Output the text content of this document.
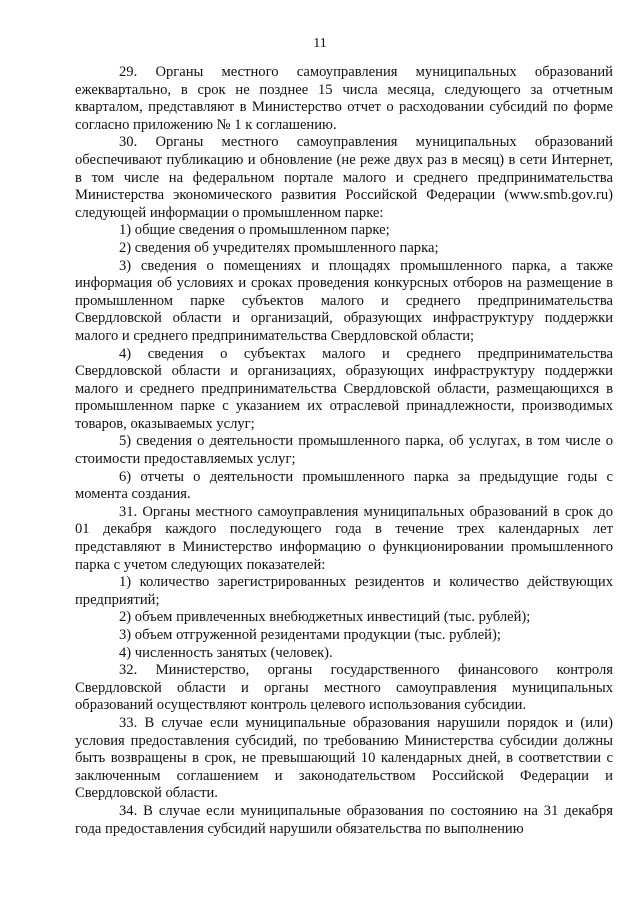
11

29. Органы местного самоуправления муниципальных образований ежеквартально, в срок не позднее 15 числа месяца, следующего за отчетным кварталом, представляют в Министерство отчет о расходовании субсидий по форме согласно приложению № 1 к соглашению.

30. Органы местного самоуправления муниципальных образований обеспечивают публикацию и обновление (не реже двух раз в месяц) в сети Интернет, в том числе на федеральном портале малого и среднего предпринимательства Министерства экономического развития Российской Федерации (www.smb.gov.ru) следующей информации о промышленном парке:

1) общие сведения о промышленном парке;

2) сведения об учредителях промышленного парка;

3) сведения о помещениях и площадях промышленного парка, а также информация об условиях и сроках проведения конкурсных отборов на размещение в промышленном парке субъектов малого и среднего предпринимательства Свердловской области и организаций, образующих инфраструктуру поддержки малого и среднего предпринимательства Свердловской области;

4) сведения о субъектах малого и среднего предпринимательства Свердловской области и организациях, образующих инфраструктуру поддержки малого и среднего предпринимательства Свердловской области, размещающихся в промышленном парке с указанием их отраслевой принадлежности, производимых товаров, оказываемых услуг;

5) сведения о деятельности промышленного парка, об услугах, в том числе о стоимости предоставляемых услуг;

6) отчеты о деятельности промышленного парка за предыдущие годы с момента создания.

31. Органы местного самоуправления муниципальных образований в срок до 01 декабря каждого последующего года в течение трех календарных лет представляют в Министерство информацию о функционировании промышленного парка с учетом следующих показателей:

1) количество зарегистрированных резидентов и количество действующих предприятий;

2) объем привлеченных внебюджетных инвестиций (тыс. рублей);

3) объем отгруженной резидентами продукции (тыс. рублей);

4) численность занятых (человек).

32. Министерство, органы государственного финансового контроля Свердловской области и органы местного самоуправления муниципальных образований осуществляют контроль целевого использования субсидии.

33. В случае если муниципальные образования нарушили порядок и (или) условия предоставления субсидий, по требованию Министерства субсидии должны быть возвращены в срок, не превышающий 10 календарных дней, в соответствии с заключенным соглашением и законодательством Российской Федерации и Свердловской области.

34. В случае если муниципальные образования по состоянию на 31 декабря года предоставления субсидий нарушили обязательства по выполнению
